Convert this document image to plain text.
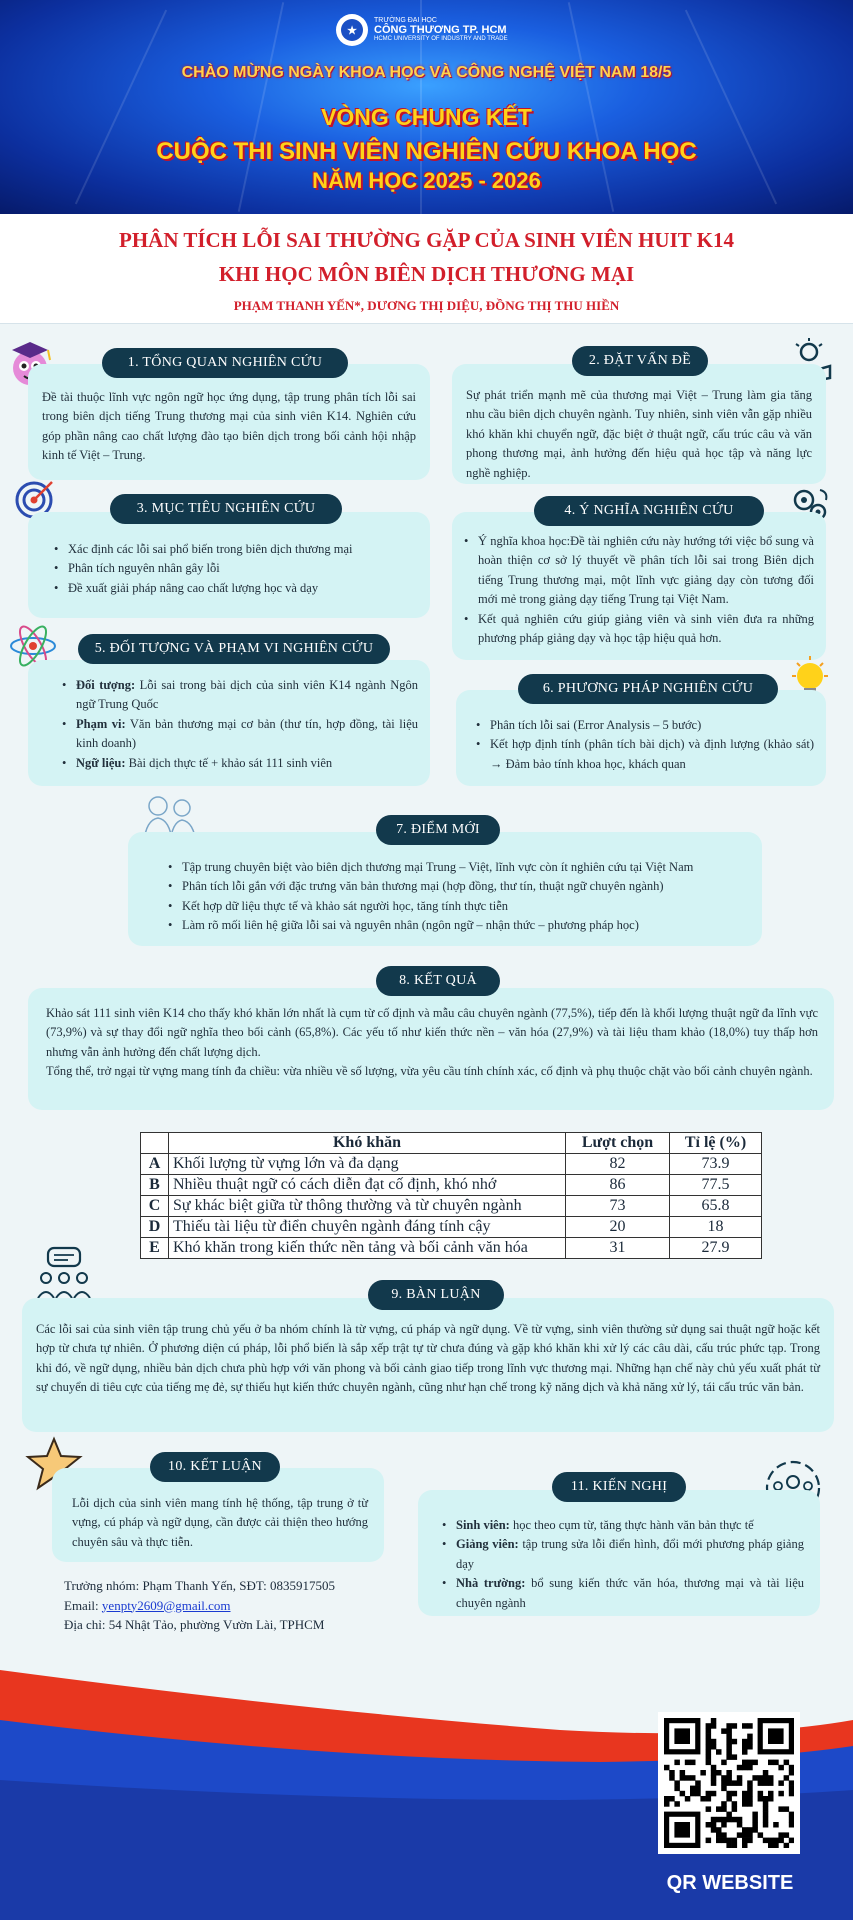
★
TRƯỜNG ĐẠI HỌC
CÔNG THƯƠNG TP. HCM
HCMC UNIVERSITY OF INDUSTRY AND TRADE
CHÀO MỪNG NGÀY KHOA HỌC VÀ CÔNG NGHỆ VIỆT NAM 18/5
VÒNG CHUNG KẾT
CUỘC THI SINH VIÊN NGHIÊN CỨU KHOA HỌC
NĂM HỌC 2025 - 2026
PHÂN TÍCH LỖI SAI THƯỜNG GẶP CỦA SINH VIÊN HUIT K14
KHI HỌC MÔN BIÊN DỊCH THƯƠNG MẠI
PHẠM THANH YẾN*, DƯƠNG THỊ DIỆU, ĐỒNG THỊ THU HIỀN

Đề tài thuộc lĩnh vực ngôn ngữ học ứng dụng, tập trung phân tích lỗi sai trong biên dịch tiếng Trung thương mại của sinh viên K14. Nghiên cứu góp phần nâng cao chất lượng đào tạo biên dịch trong bối cảnh hội nhập kinh tế Việt – Trung.

1. TỔNG QUAN NGHIÊN CỨU

Sự phát triển mạnh mẽ của thương mại Việt – Trung làm gia tăng nhu cầu biên dịch chuyên ngành. Tuy nhiên, sinh viên vẫn gặp nhiều khó khăn khi chuyển ngữ, đặc biệt ở thuật ngữ, cấu trúc câu và văn phong thương mại, ảnh hưởng đến hiệu quả học tập và năng lực nghề nghiệp.

2. ĐẶT VẤN ĐỀ
• Xác định các lỗi sai phổ biến trong biên dịch thương mại
• Phân tích nguyên nhân gây lỗi
• Đề xuất giải pháp nâng cao chất lượng học và dạy
3. MỤC TIÊU NGHIÊN CỨU
• Ý nghĩa khoa học:Đề tài nghiên cứu này hướng tới việc bổ sung và hoàn thiện cơ sở lý thuyết về phân tích lỗi sai trong Biên dịch tiếng Trung thương mại, một lĩnh vực giảng dạy còn tương đối mới mẻ trong giảng dạy tiếng Trung tại Việt Nam.
• Kết quả nghiên cứu giúp giảng viên và sinh viên đưa ra những phương pháp giảng dạy và học tập hiệu quả hơn.
4. Ý NGHĨA NGHIÊN CỨU
• Đối tượng: Lỗi sai trong bài dịch của sinh viên K14 ngành Ngôn ngữ Trung Quốc
• Phạm vi: Văn bản thương mại cơ bản (thư tín, hợp đồng, tài liệu kinh doanh)
• Ngữ liệu: Bài dịch thực tế + khảo sát 111 sinh viên
5. ĐỐI TƯỢNG VÀ PHẠM VI NGHIÊN CỨU
• Phân tích lỗi sai (Error Analysis – 5 bước)
• Kết hợp định tính (phân tích bài dịch) và định lượng (khảo sát) → Đảm bảo tính khoa học, khách quan
6. PHƯƠNG PHÁP NGHIÊN CỨU
• Tập trung chuyên biệt vào biên dịch thương mại Trung – Việt, lĩnh vực còn ít nghiên cứu tại Việt Nam
• Phân tích lỗi gắn với đặc trưng văn bản thương mại (hợp đồng, thư tín, thuật ngữ chuyên ngành)
• Kết hợp dữ liệu thực tế và khảo sát người học, tăng tính thực tiễn
• Làm rõ mối liên hệ giữa lỗi sai và nguyên nhân (ngôn ngữ – nhận thức – phương pháp học)
7. ĐIỂM MỚI

Khảo sát 111 sinh viên K14 cho thấy khó khăn lớn nhất là cụm từ cố định và mẫu câu chuyên ngành (77,5%), tiếp đến là khối lượng thuật ngữ đa lĩnh vực (73,9%) và sự thay đổi ngữ nghĩa theo bối cảnh (65,8%). Các yếu tố như kiến thức nền – văn hóa (27,9%) và tài liệu tham khảo (18,0%) tuy thấp hơn nhưng vẫn ảnh hưởng đến chất lượng dịch.

Tổng thể, trở ngại từ vựng mang tính đa chiều: vừa nhiều về số lượng, vừa yêu cầu tính chính xác, cố định và phụ thuộc chặt vào bối cảnh chuyên ngành.

8. KẾT QUẢ
	Khó khăn	Lượt chọn	Tỉ lệ (%)
A	Khối lượng từ vựng lớn và đa dạng	82	73.9
B	Nhiều thuật ngữ có cách diễn đạt cố định, khó nhớ	86	77.5
C	Sự khác biệt giữa từ thông thường và từ chuyên ngành	73	65.8
D	Thiếu tài liệu từ điển chuyên ngành đáng tính cậy	20	18
E	Khó khăn trong kiến thức nền tảng và bối cảnh văn hóa	31	27.9

Các lỗi sai của sinh viên tập trung chủ yếu ở ba nhóm chính là từ vựng, cú pháp và ngữ dụng. Về từ vựng, sinh viên thường sử dụng sai thuật ngữ hoặc kết hợp từ chưa tự nhiên. Ở phương diện cú pháp, lỗi phổ biến là sắp xếp trật tự từ chưa đúng và gặp khó khăn khi xử lý các câu dài, cấu trúc phức tạp. Trong khi đó, về ngữ dụng, nhiều bản dịch chưa phù hợp với văn phong và bối cảnh giao tiếp trong lĩnh vực thương mại. Những hạn chế này chủ yếu xuất phát từ sự chuyển di tiêu cực của tiếng mẹ đẻ, sự thiếu hụt kiến thức chuyên ngành, cũng như hạn chế trong kỹ năng dịch và khả năng xử lý, tái cấu trúc văn bản.

9. BÀN LUẬN

Lỗi dịch của sinh viên mang tính hệ thống, tập trung ở từ vựng, cú pháp và ngữ dụng, cần được cải thiện theo hướng chuyên sâu và thực tiễn.

10. KẾT LUẬN
• Sinh viên: học theo cụm từ, tăng thực hành văn bản thực tế
• Giảng viên: tập trung sửa lỗi điển hình, đổi mới phương pháp giảng dạy
• Nhà trường: bổ sung kiến thức văn hóa, thương mại và tài liệu chuyên ngành
11. KIẾN NGHỊ
Trưởng nhóm: Phạm Thanh Yến, SĐT: 0835917505
Email: yenpty2609@gmail.com
Địa chỉ: 54 Nhật Tảo, phường Vườn Lài, TPHCM
QR WEBSITE
